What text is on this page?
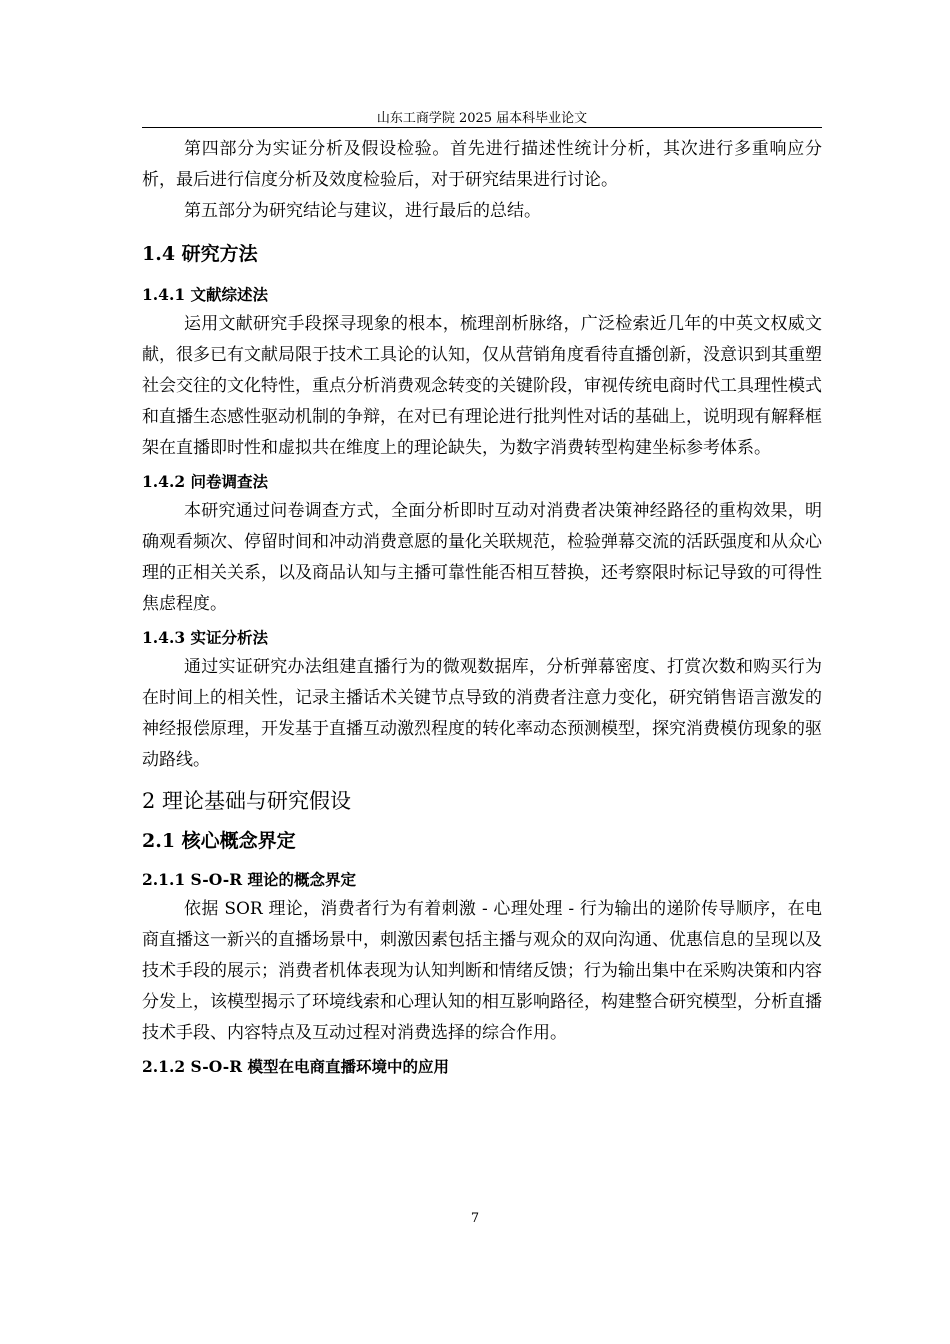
山东工商学院 2025 届本科毕业论文

第四部分为实证分析及假设检验。首先进行描述性统计分析，其次进行多重响应分析，最后进行信度分析及效度检验后，对于研究结果进行讨论。

第五部分为研究结论与建议，进行最后的总结。

1.4 研究方法
1.4.1 文献综述法

运用文献研究手段探寻现象的根本，梳理剖析脉络，广泛检索近几年的中英文权威文献，很多已有文献局限于技术工具论的认知，仅从营销角度看待直播创新，没意识到其重塑社会交往的文化特性，重点分析消费观念转变的关键阶段，审视传统电商时代工具理性模式和直播生态感性驱动机制的争辩，在对已有理论进行批判性对话的基础上，说明现有解释框架在直播即时性和虚拟共在维度上的理论缺失，为数字消费转型构建坐标参考体系。

1.4.2 问卷调查法

本研究通过问卷调查方式，全面分析即时互动对消费者决策神经路径的重构效果，明确观看频次、停留时间和冲动消费意愿的量化关联规范，检验弹幕交流的活跃强度和从众心理的正相关关系，以及商品认知与主播可靠性能否相互替换，还考察限时标记导致的可得性焦虑程度。

1.4.3 实证分析法

通过实证研究办法组建直播行为的微观数据库，分析弹幕密度、打赏次数和购买行为在时间上的相关性，记录主播话术关键节点导致的消费者注意力变化，研究销售语言激发的神经报偿原理，开发基于直播互动激烈程度的转化率动态预测模型，探究消费模仿现象的驱动路线。

2 理论基础与研究假设
2.1 核心概念界定
2.1.1 S-O-R 理论的概念界定

依据 SOR 理论，消费者行为有着刺激 - 心理处理 - 行为输出的递阶传导顺序，在电商直播这一新兴的直播场景中，刺激因素包括主播与观众的双向沟通、优惠信息的呈现以及技术手段的展示；消费者机体表现为认知判断和情绪反馈；行为输出集中在采购决策和内容分发上，该模型揭示了环境线索和心理认知的相互影响路径，构建整合研究模型，分析直播技术手段、内容特点及互动过程对消费选择的综合作用。

2.1.2 S-O-R 模型在电商直播环境中的应用
7
